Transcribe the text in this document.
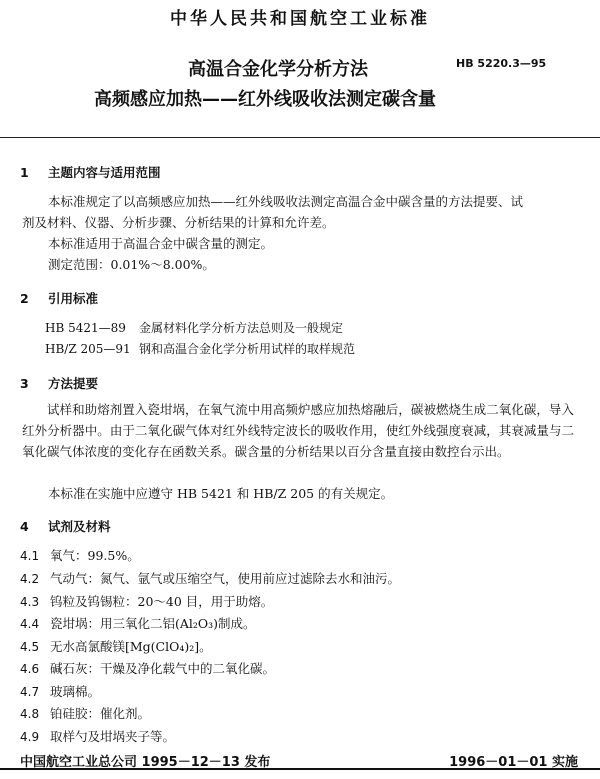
中华人民共和国航空工业标准
高温合金化学分析方法	HB 5220.3—95
高频感应加热——红外线吸收法测定碳含量
1 主题内容与适用范围
本标准规定了以高频感应加热——红外线吸收法测定高温合金中碳含量的方法提要、试
剂及材料、仪器、分析步骤、分析结果的计算和允许差。
本标准适用于高温合金中碳含量的测定。
测定范围：0.01%～8.00%。
2 引用标准
HB 5421—89 金属材料化学分析方法总则及一般规定
HB/Z 205—91 钢和高温合金化学分析用试样的取样规范
3 方法提要
试样和助熔剂置入瓷坩埚，在氧气流中用高频炉感应加热熔融后，碳被燃烧生成二氧化碳，导入红外分析器中。由于二氧化碳气体对红外线特定波长的吸收作用，使红外线强度衰减，其衰减量与二氧化碳气体浓度的变化存在函数关系。碳含量的分析结果以百分含量直接由数控台示出。
本标准在实施中应遵守 HB 5421 和 HB/Z 205 的有关规定。
4 试剂及材料
4.1 氧气：99.5%。
4.2 气动气：氮气、氩气或压缩空气，使用前应过滤除去水和油污。
4.3 钨粒及钨锡粒：20～40 目，用于助熔。
4.4 瓷坩埚：用三氧化二铝(Al₂O₃)制成。
4.5 无水高氯酸镁[Mg(ClO₄)₂]。
4.6 碱石灰：干燥及净化载气中的二氧化碳。
4.7 玻璃棉。
4.8 铂硅胶：催化剂。
4.9 取样勺及坩埚夹子等。
中国航空工业总公司 1995－12－13 发布	1996－01－01 实施
